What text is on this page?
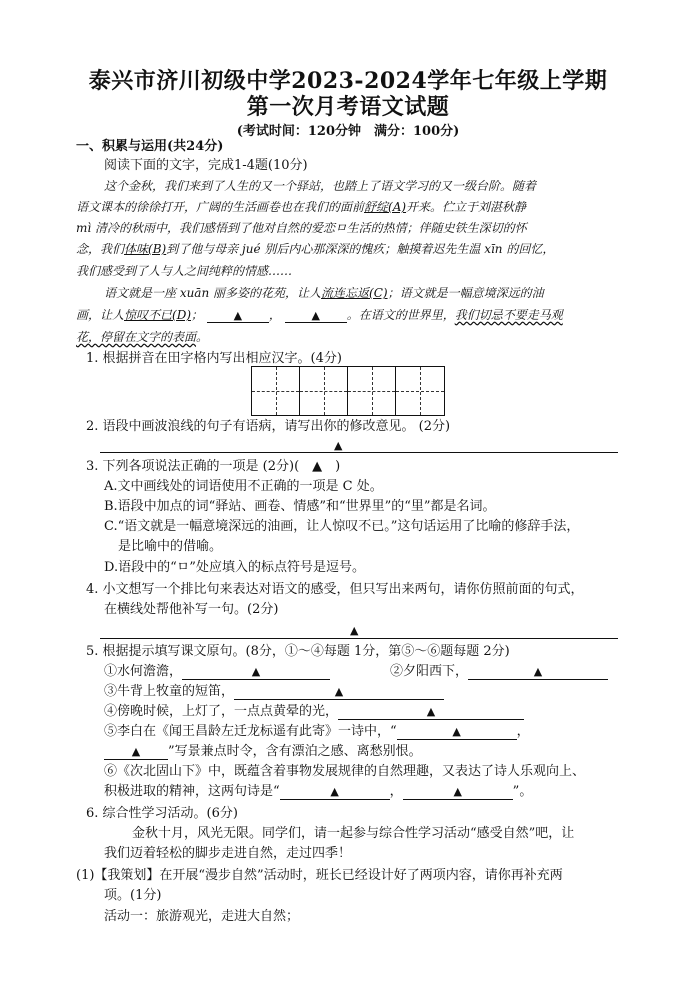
泰兴市济川初级中学2023-2024学年七年级上学期
第一次月考语文试题
(考试时间：120分钟　满分：100分)
一、积累与运用(共24分)
阅读下面的文字，完成1-4题(10分)
这个金秋，我们来到了人生的又一个驿站，也踏上了语文学习的又一级台阶。随着
语文课本的徐徐打开，广阔的生活画卷也在我们的面前舒绽(A)开来。伫立于刘湛秋静
mì 清冷的秋雨中，我们感悟到了他对自然的爱恋ㅁ生活的热情；伴随史铁生深切的怀
念，我们体味(B)到了他与母亲 jué 别后内心那深深的愧疚；触摸着迟先生温 xīn 的回忆，
我们感受到了人与人之间纯粹的情感……
语文就是一座 xuān 丽多姿的花苑，让人流连忘返(C)；语文就是一幅意境深远的油
画，让人惊叹不已(D)；	▲ ， ▲ 。在语文的世界里，我们切忌不要走马观
花，停留在文字的表面。
1. 根据拼音在田字格内写出相应汉字。(4分)
2. 语段中画波浪线的句子有语病，请写出你的修改意见。 (2分)
▲
3. 下列各项说法正确的一项是 (2分)(　▲　)
A.文中画线处的词语使用不正确的一项是 C 处。
B.语段中加点的词“驿站、画卷、情感”和“世界里”的“里”都是名词。
C.“语文就是一幅意境深远的油画，让人惊叹不已。”这句话运用了比喻的修辞手法，
是比喻中的借喻。
D.语段中的“ㅁ”处应填入的标点符号是逗号。
4. 小文想写一个排比句来表达对语文的感受，但只写出来两句，请你仿照前面的句式，
在横线处帮他补写一句。(2分)
▲
5. 根据提示填写课文原句。(8分，①～④每题 1分，第⑤～⑥题每题 2分)
①水何澹澹，	▲	②夕阳西下，	▲
③牛背上牧童的短笛，	▲
④傍晚时候，上灯了，一点点黄晕的光，	▲
⑤李白在《闻王昌龄左迁龙标遥有此寄》一诗中，“	▲	，
▲ ”写景兼点时令，含有漂泊之感、离愁别恨。
⑥《次北固山下》中，既蕴含着事物发展规律的自然理趣，又表达了诗人乐观向上、
积极进取的精神，这两句诗是“	▲	，	▲	”。
6. 综合性学习活动。(6分)
金秋十月，风光无限。同学们，请一起参与综合性学习活动“感受自然”吧，让
我们迈着轻松的脚步走进自然，走过四季！
(1)【我策划】在开展“漫步自然”活动时，班长已经设计好了两项内容，请你再补充两
项。(1分)
活动一：旅游观光，走进大自然；
